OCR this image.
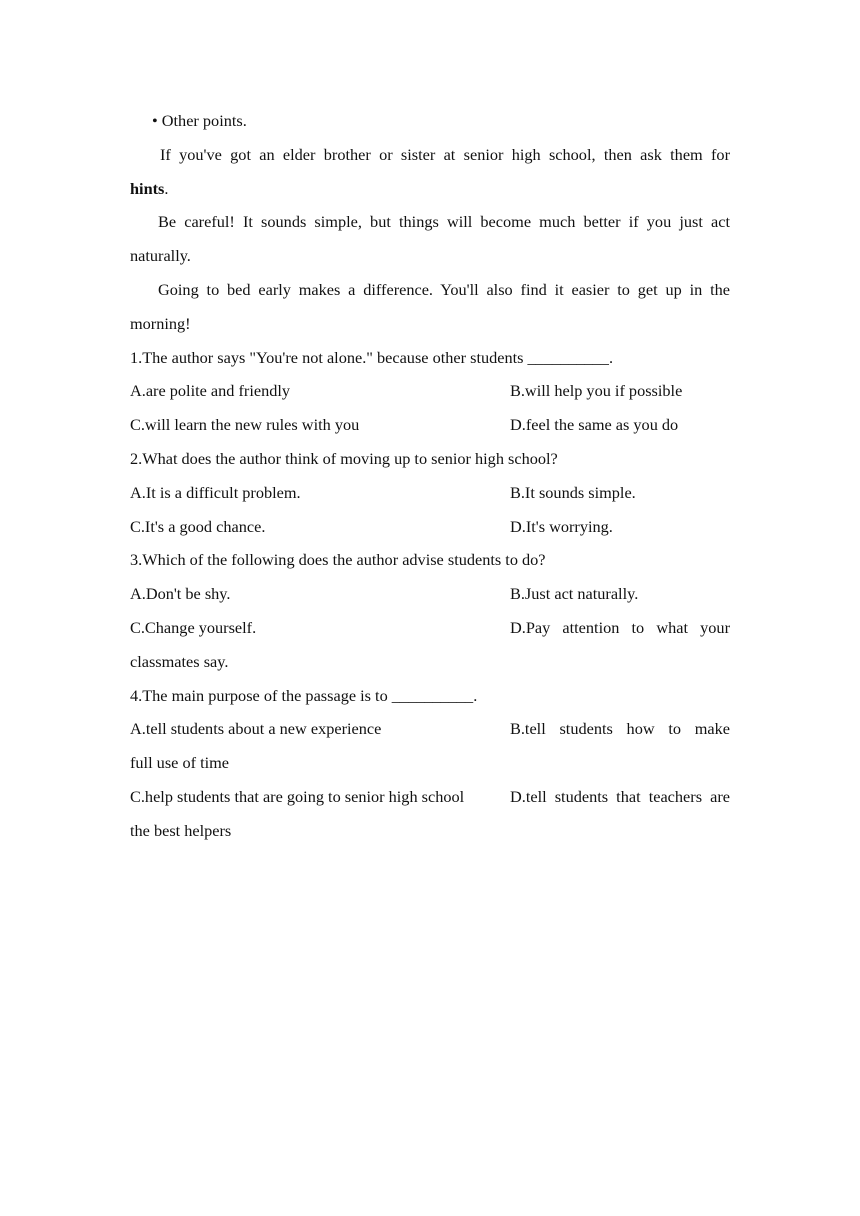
• Other points.
If you've got an elder brother or sister at senior high school, then ask them for
hints.
Be careful! It sounds simple, but things will become much better if you just act
naturally.
Going to bed early makes a difference. You'll also find it easier to get up in the
morning!
1.The author says "You're not alone." because other students __________.
A.are polite and friendly	B.will help you if possible
C.will learn the new rules with you	D.feel the same as you do
2.What does the author think of moving up to senior high school?
A.It is a difficult problem.	B.It sounds simple.
C.It's a good chance.	D.It's worrying.
3.Which of the following does the author advise students to do?
A.Don't be shy.	B.Just act naturally.
C.Change yourself.	D.Pay attention to what your
classmates say.
4.The main purpose of the passage is to __________.
A.tell students about a new experience	B.tell students how to make
full use of time
C.help students that are going to senior high school	D.tell students that teachers are
the best helpers
